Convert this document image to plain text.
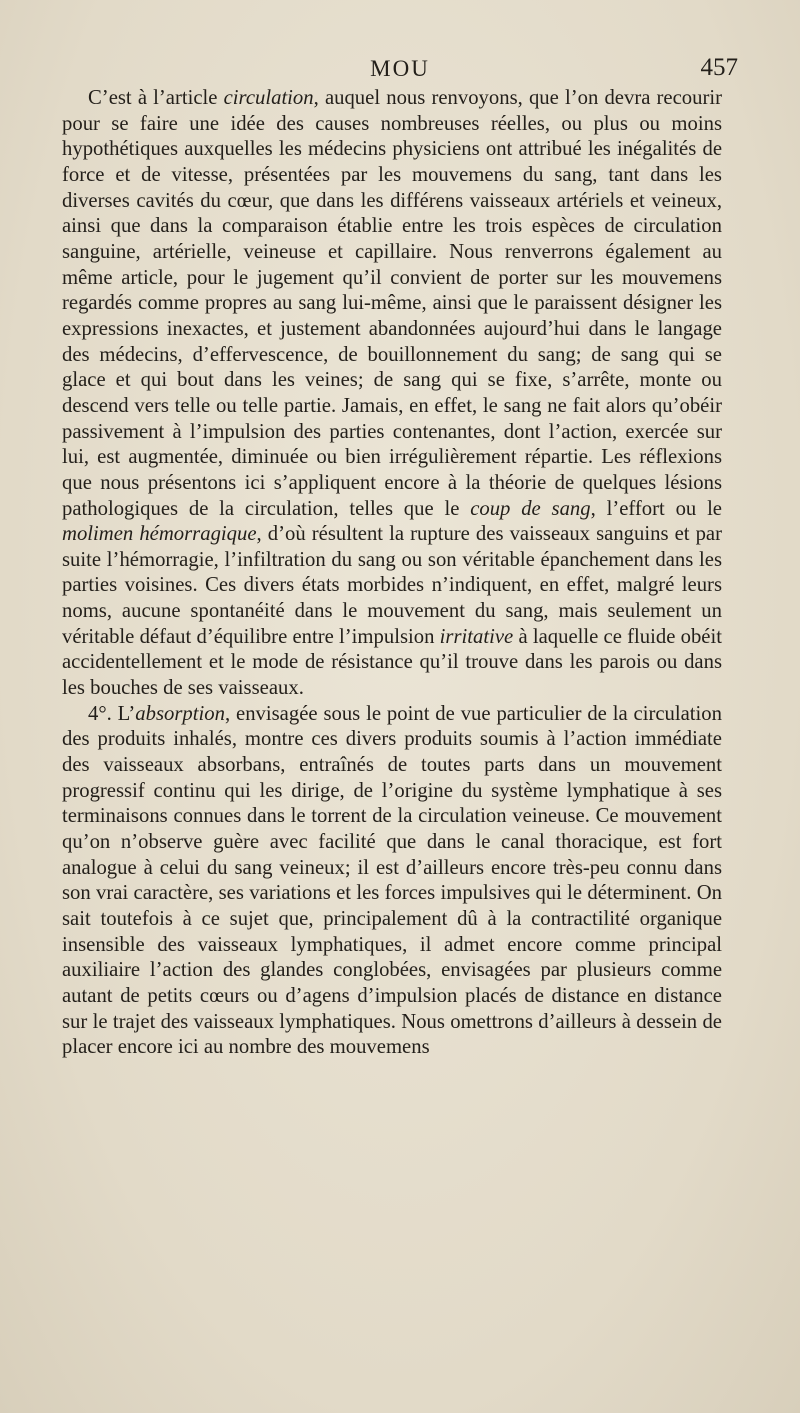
MOU	457

C’est à l’article circulation, auquel nous renvoyons, que l’on devra recourir pour se faire une idée des causes nombreuses réelles, ou plus ou moins hypothétiques auxquelles les médecins physiciens ont attribué les inégalités de force et de vitesse, présentées par les mouvemens du sang, tant dans les diverses cavités du cœur, que dans les différens vaisseaux artériels et veineux, ainsi que dans la comparaison établie entre les trois espèces de circulation sanguine, artérielle, veineuse et capillaire. Nous renverrons également au même article, pour le jugement qu’il convient de porter sur les mouvemens regardés comme propres au sang lui-même, ainsi que le paraissent désigner les expressions inexactes, et justement abandonnées aujourd’hui dans le langage des médecins, d’effervescence, de bouillonnement du sang; de sang qui se glace et qui bout dans les veines; de sang qui se fixe, s’arrête, monte ou descend vers telle ou telle partie. Jamais, en effet, le sang ne fait alors qu’obéir passivement à l’impulsion des parties contenantes, dont l’action, exercée sur lui, est augmentée, diminuée ou bien irrégulièrement répartie. Les réflexions que nous présentons ici s’appliquent encore à la théorie de quelques lésions pathologiques de la circulation, telles que le coup de sang, l’effort ou le molimen hémorragique, d’où résultent la rupture des vaisseaux sanguins et par suite l’hémorragie, l’infiltration du sang ou son véritable épanchement dans les parties voisines. Ces divers états morbides n’indiquent, en effet, malgré leurs noms, aucune spontanéité dans le mouvement du sang, mais seulement un véritable défaut d’équilibre entre l’impulsion irritative à laquelle ce fluide obéit accidentellement et le mode de résistance qu’il trouve dans les parois ou dans les bouches de ses vaisseaux.

4°. L’absorption, envisagée sous le point de vue particulier de la circulation des produits inhalés, montre ces divers produits soumis à l’action immédiate des vaisseaux absorbans, entraînés de toutes parts dans un mouvement progressif continu qui les dirige, de l’origine du système lymphatique à ses terminaisons connues dans le torrent de la circulation veineuse. Ce mouvement qu’on n’observe guère avec facilité que dans le canal thoracique, est fort analogue à celui du sang veineux; il est d’ailleurs encore très-peu connu dans son vrai caractère, ses variations et les forces impulsives qui le déterminent. On sait toutefois à ce sujet que, principalement dû à la contractilité organique insensible des vaisseaux lymphatiques, il admet encore comme principal auxiliaire l’action des glandes conglobées, envisagées par plusieurs comme autant de petits cœurs ou d’agens d’impulsion placés de distance en distance sur le trajet des vaisseaux lymphatiques. Nous omettrons d’ailleurs à dessein de placer encore ici au nombre des mouvemens
